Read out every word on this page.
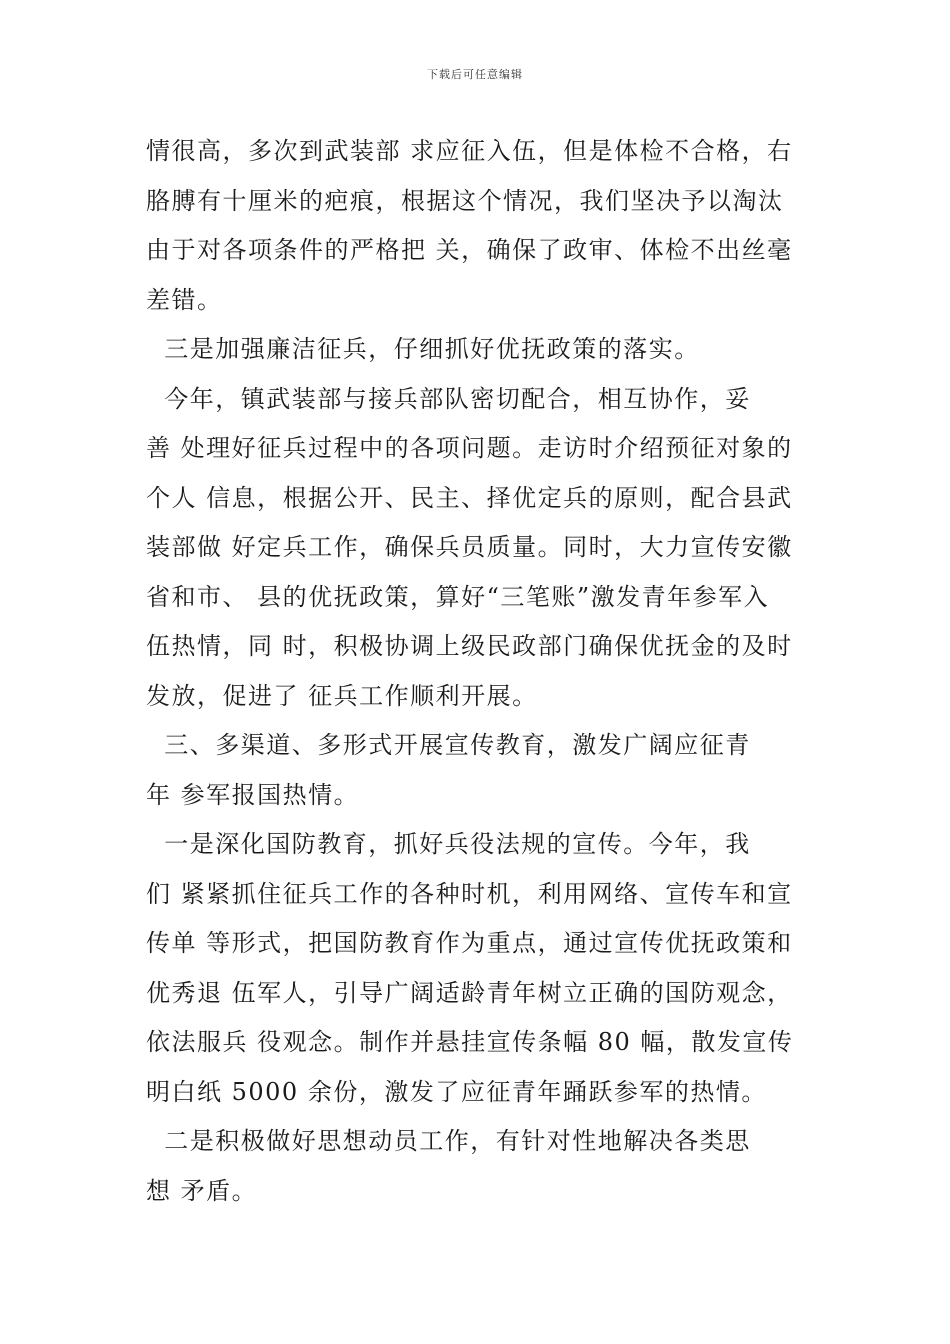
下载后可任意编辑
情很高，多次到武装部 求应征入伍，但是体检不合格，右
胳膊有十厘米的疤痕，根据这个情况，我们坚决予以淘汰
由于对各项条件的严格把 关，确保了政审、体检不出丝毫
差错。
三是加强廉洁征兵，仔细抓好优抚政策的落实。
今年，镇武装部与接兵部队密切配合，相互协作，妥
善 处理好征兵过程中的各项问题。走访时介绍预征对象的
个人 信息，根据公开、民主、择优定兵的原则，配合县武
装部做 好定兵工作，确保兵员质量。同时，大力宣传安徽
省和市、 县的优抚政策，算好“三笔账”激发青年参军入
伍热情，同 时，积极协调上级民政部门确保优抚金的及时
发放，促进了 征兵工作顺利开展。
三、多渠道、多形式开展宣传教育，激发广阔应征青
年 参军报国热情。
一是深化国防教育，抓好兵役法规的宣传。今年，我
们 紧紧抓住征兵工作的各种时机，利用网络、宣传车和宣
传单 等形式，把国防教育作为重点，通过宣传优抚政策和
优秀退 伍军人，引导广阔适龄青年树立正确的国防观念，
依法服兵 役观念。制作并悬挂宣传条幅 80 幅，散发宣传
明白纸 5000 余份，激发了应征青年踊跃参军的热情。
二是积极做好思想动员工作，有针对性地解决各类思
想 矛盾。
